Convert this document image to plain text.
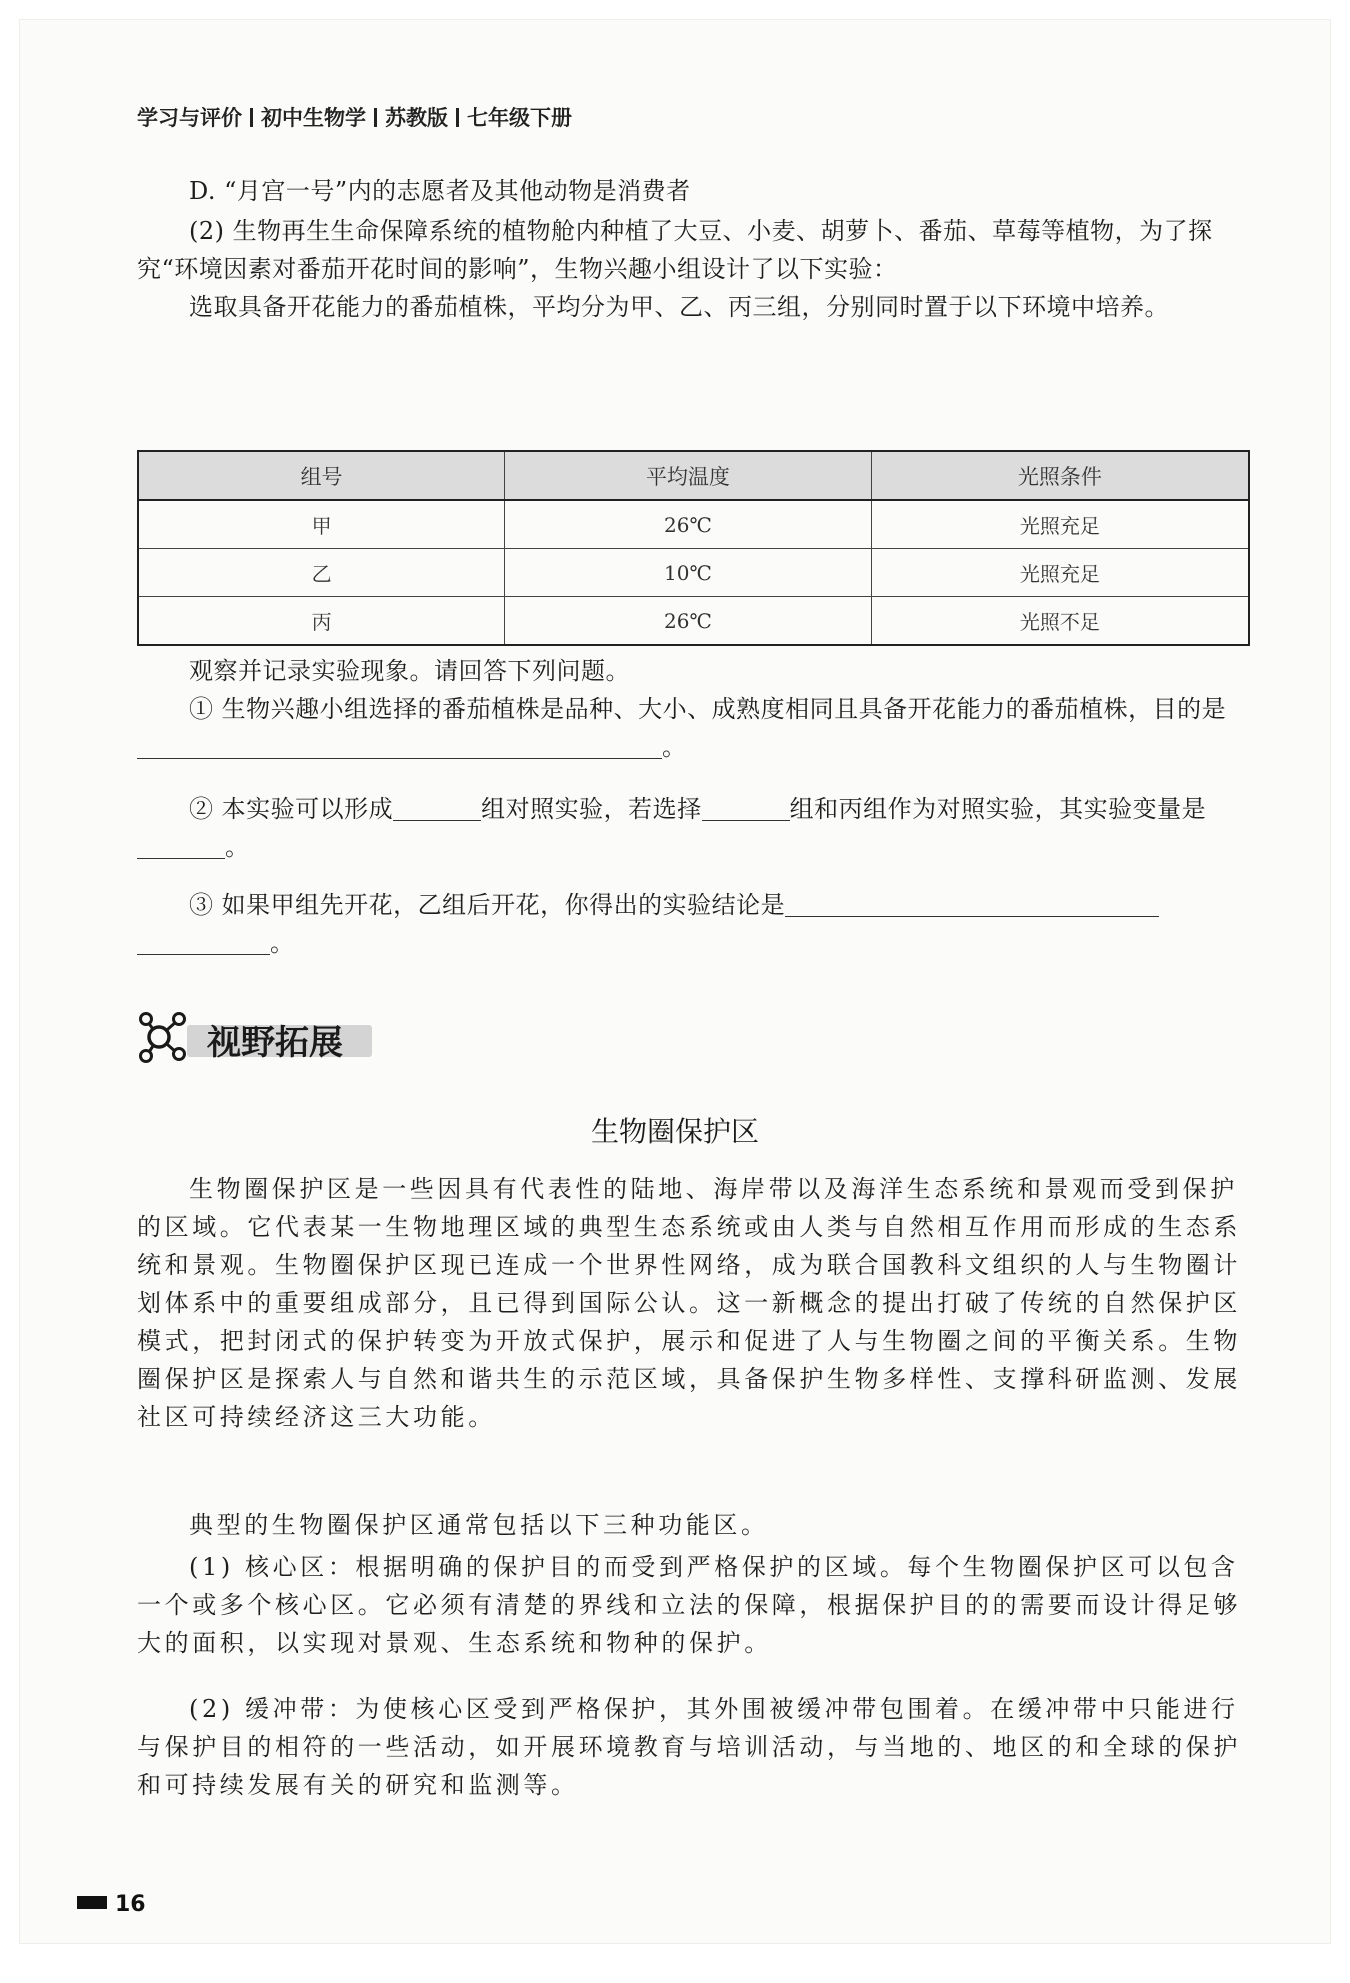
学习与评价 初中生物学 苏教版 七年级下册
D. “月宫一号”内的志愿者及其他动物是消费者
(2) 生物再生生命保障系统的植物舱内种植了大豆、小麦、胡萝卜、番茄、草莓等植物，为了探究“环境因素对番茄开花时间的影响”，生物兴趣小组设计了以下实验：
选取具备开花能力的番茄植株，平均分为甲、乙、丙三组，分别同时置于以下环境中培养。
组号	平均温度	光照条件
甲	26℃	光照充足
乙	10℃	光照充足
丙	26℃	光照不足
观察并记录实验现象。请回答下列问题。
① 生物兴趣小组选择的番茄植株是品种、大小、成熟度相同且具备开花能力的番茄植株，目的是。
② 本实验可以形成	组对照实验，若选择	组和丙组作为对照实验，其实验变量是。
③ 如果甲组先开花，乙组后开花，你得出的实验结论是。
视野拓展
生物圈保护区
生物圈保护区是一些因具有代表性的陆地、海岸带以及海洋生态系统和景观而受到保护的区域。它代表某一生物地理区域的典型生态系统或由人类与自然相互作用而形成的生态系统和景观。生物圈保护区现已连成一个世界性网络，成为联合国教科文组织的人与生物圈计划体系中的重要组成部分，且已得到国际公认。这一新概念的提出打破了传统的自然保护区模式，把封闭式的保护转变为开放式保护，展示和促进了人与生物圈之间的平衡关系。生物圈保护区是探索人与自然和谐共生的示范区域，具备保护生物多样性、支撑科研监测、发展社区可持续经济这三大功能。
典型的生物圈保护区通常包括以下三种功能区。
(1) 核心区：根据明确的保护目的而受到严格保护的区域。每个生物圈保护区可以包含一个或多个核心区。它必须有清楚的界线和立法的保障，根据保护目的的需要而设计得足够大的面积，以实现对景观、生态系统和物种的保护。
(2) 缓冲带：为使核心区受到严格保护，其外围被缓冲带包围着。在缓冲带中只能进行与保护目的相符的一些活动，如开展环境教育与培训活动，与当地的、地区的和全球的保护和可持续发展有关的研究和监测等。
16
